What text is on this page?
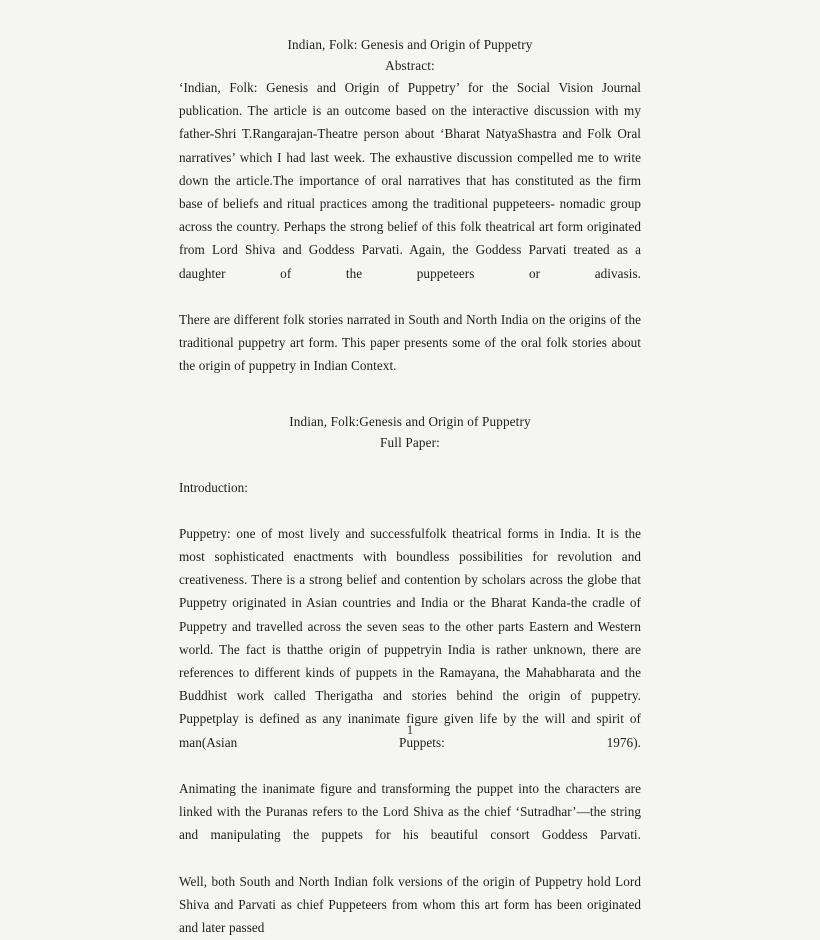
Indian, Folk: Genesis and Origin of Puppetry
Abstract:

‘Indian, Folk: Genesis and Origin of Puppetry’ for the Social Vision Journal publication. The article is an outcome based on the interactive discussion with my father-Shri T.Rangarajan-Theatre person about ‘Bharat NatyaShastra and Folk Oral narratives’ which I had last week. The exhaustive discussion compelled me to write down the article.The importance of oral narratives that has constituted as the firm base of beliefs and ritual practices among the traditional puppeteers- nomadic group across the country. Perhaps the strong belief of this folk theatrical art form originated from Lord Shiva and Goddess Parvati. Again, the Goddess Parvati treated as a daughter of the puppeteers or adivasis.

There are different folk stories narrated in South and North India on the origins of the traditional puppetry art form. This paper presents some of the oral folk stories about the origin of puppetry in Indian Context.

Indian, Folk:Genesis and Origin of Puppetry
Full Paper:

Introduction:

Puppetry: one of most lively and successfulfolk theatrical forms in India. It is the most sophisticated enactments with boundless possibilities for revolution and creativeness. There is a strong belief and contention by scholars across the globe that Puppetry originated in Asian countries and India or the Bharat Kanda-the cradle of Puppetry and travelled across the seven seas to the other parts Eastern and Western world. The fact is thatthe origin of puppetryin India is rather unknown, there are references to different kinds of puppets in the Ramayana, the Mahabharata and the Buddhist work called Therigatha and stories behind the origin of puppetry. Puppetplay is defined as any inanimate figure given life by the will and spirit of man(Asian Puppets: 1976).

Animating the inanimate figure and transforming the puppet into the characters are linked with the Puranas refers to the Lord Shiva as the chief ‘Sutradhar’—the string and manipulating the puppets for his beautiful consort Goddess Parvati.

Well, both South and North Indian folk versions of the origin of Puppetry hold Lord Shiva and Parvati as chief Puppeteers from whom this art form has been originated and later passed

1
